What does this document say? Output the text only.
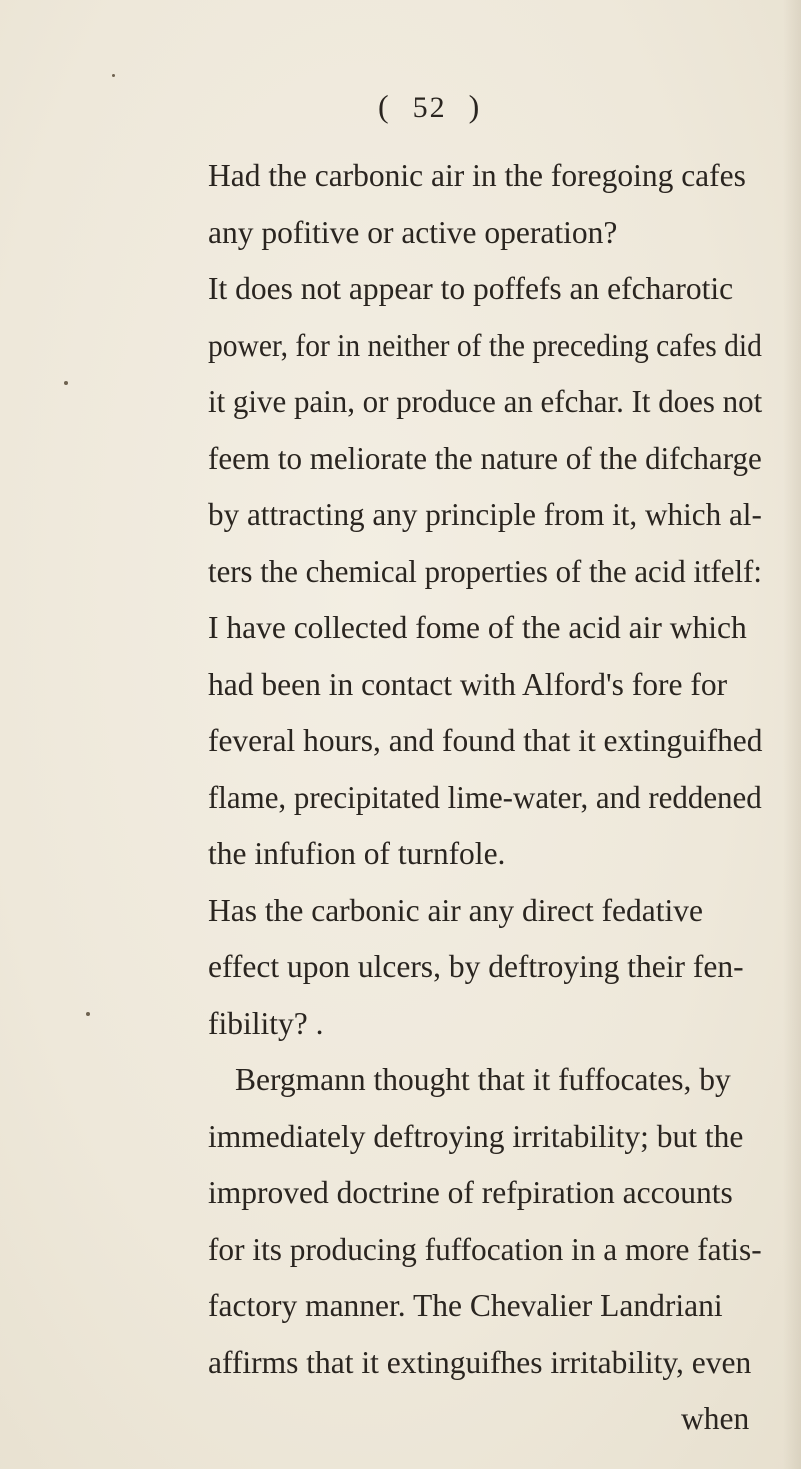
( 52 )
Had the carbonic air in the foregoing cafes
any pofitive or active operation?
It does not appear to poffefs an efcharotic
power, for in neither of the preceding cafes did
it give pain, or produce an efchar. It does not
feem to meliorate the nature of the difcharge
by attracting any principle from it, which al-
ters the chemical properties of the acid itfelf:
I have collected fome of the acid air which
had been in contact with Alford's fore for
feveral hours, and found that it extinguifhed
flame, precipitated lime-water, and reddened
the infufion of turnfole.
Has the carbonic air any direct fedative
effect upon ulcers, by deftroying their fen-
fibility? .
Bergmann thought that it fuffocates, by
immediately deftroying irritability; but the
improved doctrine of refpiration accounts
for its producing fuffocation in a more fatis-
factory manner. The Chevalier Landriani
affirms that it extinguifhes irritability, even
when
